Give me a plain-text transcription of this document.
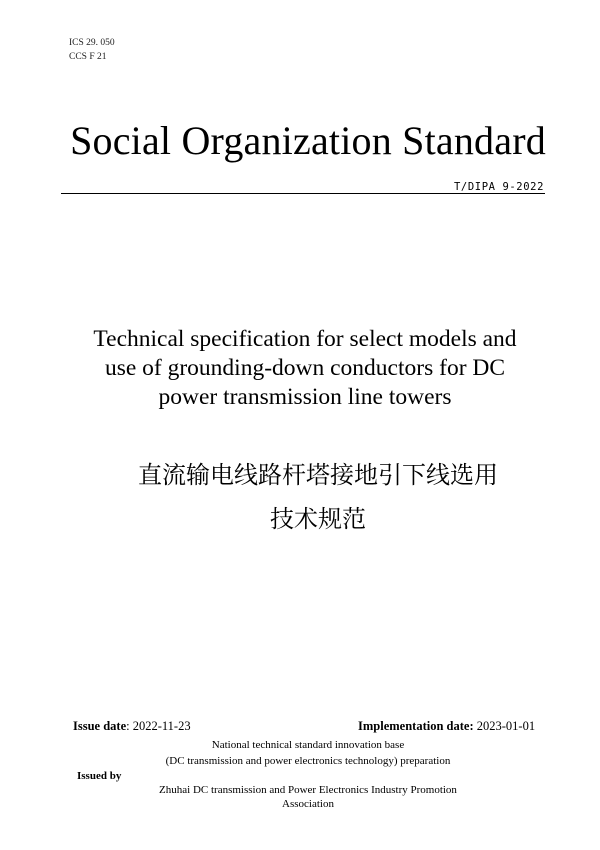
ICS 29. 050
CCS F 21
Social Organization Standard
T/DIPA 9-2022
Technical specification for select models and
use of grounding-down conductors for DC
power transmission line towers
直流输电线路杆塔接地引下线选用
技术规范
Issue date: 2022-11-23	Implementation date: 2023-01-01
National technical standard innovation base
(DC transmission and power electronics technology) preparation
Issued by
Zhuhai DC transmission and Power Electronics Industry Promotion
Association
